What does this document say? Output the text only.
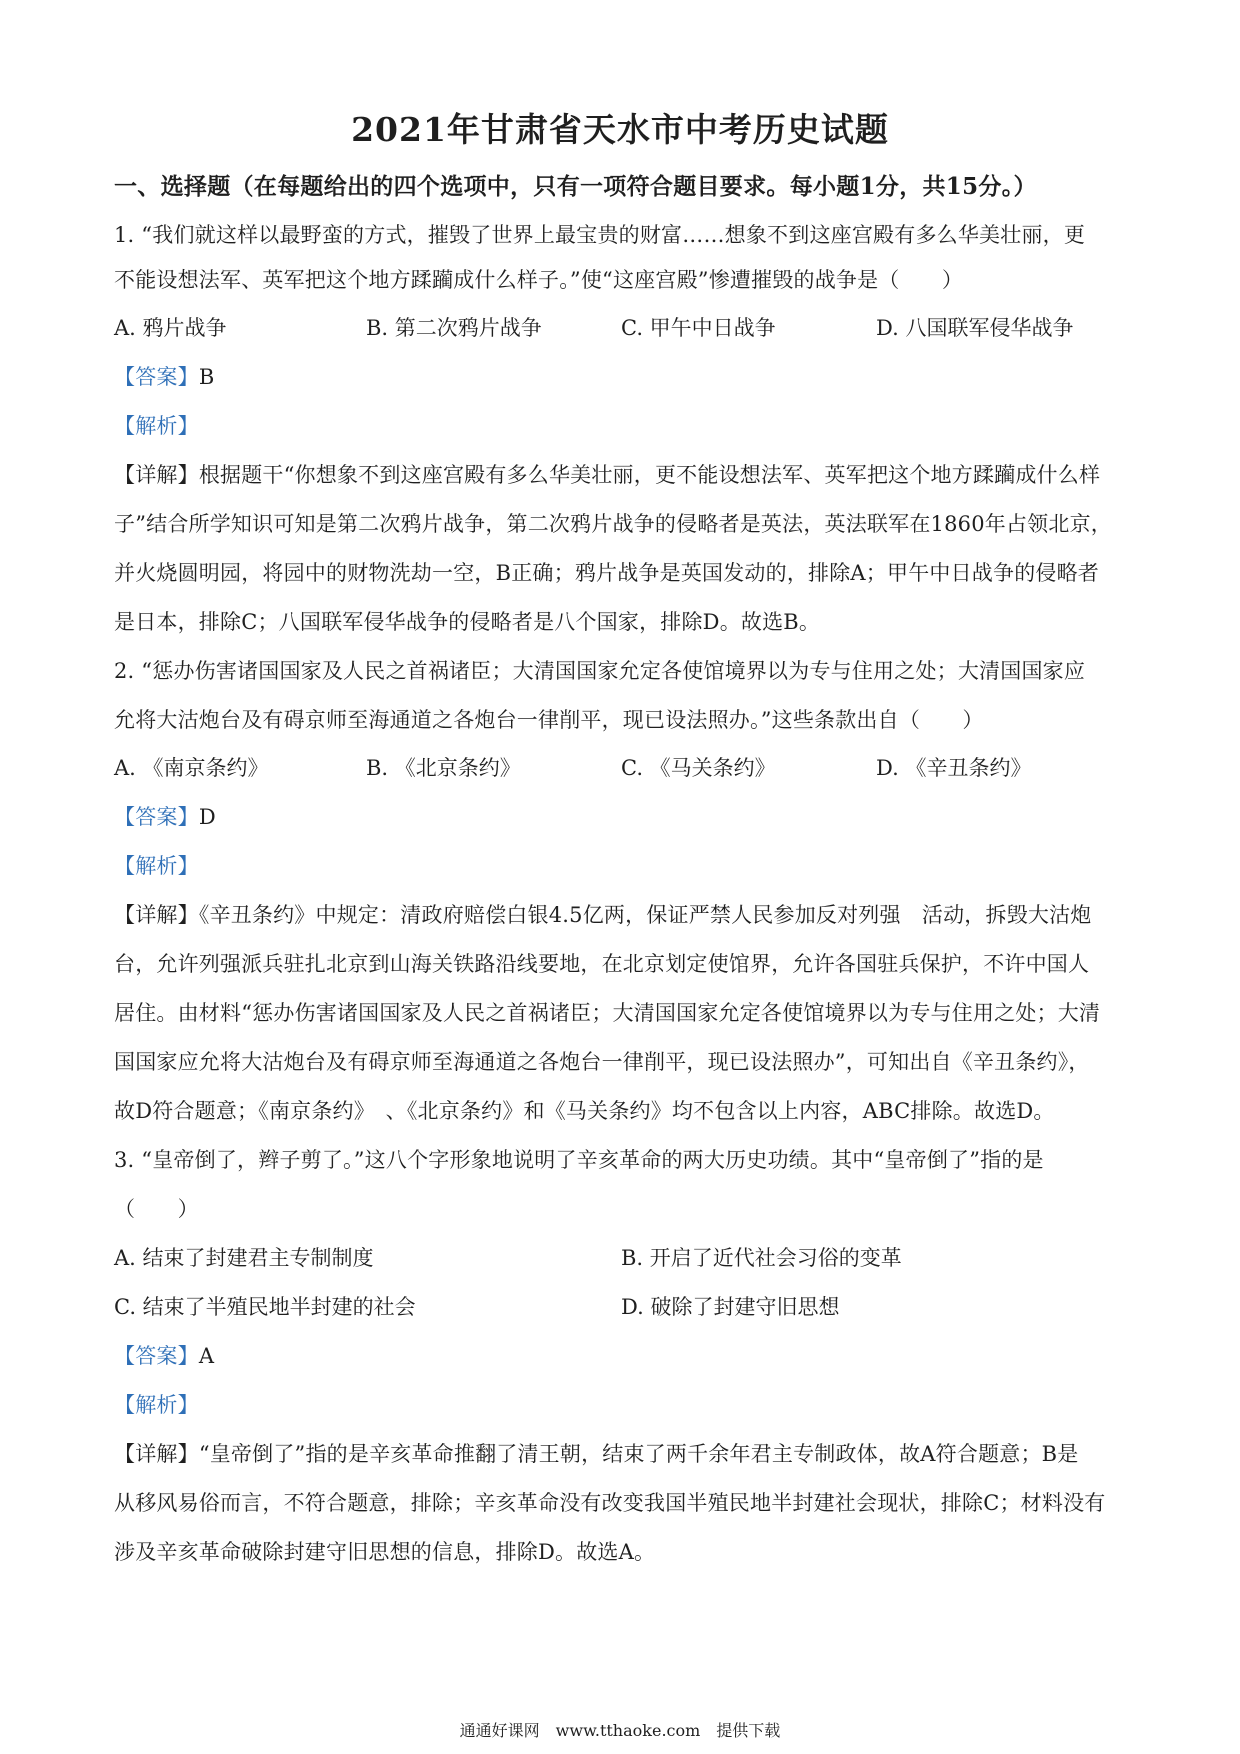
2021年甘肃省天水市中考历史试题
一、选择题（在每题给出的四个选项中，只有一项符合题目要求。每小题1分，共15分。）
1. “我们就这样以最野蛮的方式，摧毁了世界上最宝贵的财富……想象不到这座宫殿有多么华美壮丽，更
不能设想法军、英军把这个地方蹂躏成什么样子。”使“这座宫殿”惨遭摧毁的战争是（　　）
A. 鸦片战争	B. 第二次鸦片战争	C. 甲午中日战争	D. 八国联军侵华战争
【答案】B
【解析】
【详解】根据题干“你想象不到这座宫殿有多么华美壮丽，更不能设想法军、英军把这个地方蹂躏成什么样
子”结合所学知识可知是第二次鸦片战争，第二次鸦片战争的侵略者是英法，英法联军在1860年占领北京，
并火烧圆明园，将园中的财物洗劫一空，B正确；鸦片战争是英国发动的，排除A；甲午中日战争的侵略者
是日本，排除C；八国联军侵华战争的侵略者是八个国家，排除D。故选B。
2. “惩办伤害诸国国家及人民之首祸诸臣；大清国国家允定各使馆境界以为专与住用之处；大清国国家应
允将大沽炮台及有碍京师至海通道之各炮台一律削平，现已设法照办。”这些条款出自（　　）
A. 《南京条约》	B. 《北京条约》	C. 《马关条约》	D. 《辛丑条约》
【答案】D
【解析】
【详解】《辛丑条约》中规定：清政府赔偿白银4.5亿两，保证严禁人民参加反对列强　活动，拆毁大沽炮
台，允许列强派兵驻扎北京到山海关铁路沿线要地，在北京划定使馆界，允许各国驻兵保护，不许中国人
居住。由材料“惩办伤害诸国国家及人民之首祸诸臣；大清国国家允定各使馆境界以为专与住用之处；大清
国国家应允将大沽炮台及有碍京师至海通道之各炮台一律削平，现已设法照办”，可知出自《辛丑条约》，
故D符合题意；《南京条约》　、《北京条约》和《马关条约》均不包含以上内容，ABC排除。故选D。
3. “皇帝倒了，辫子剪了。”这八个字形象地说明了辛亥革命的两大历史功绩。其中“皇帝倒了”指的是
（　　）
A. 结束了封建君主专制制度	B. 开启了近代社会习俗的变革
C. 结束了半殖民地半封建的社会	D. 破除了封建守旧思想
【答案】A
【解析】
【详解】“皇帝倒了”指的是辛亥革命推翻了清王朝，结束了两千余年君主专制政体，故A符合题意；B是
从移风易俗而言，不符合题意，排除；辛亥革命没有改变我国半殖民地半封建社会现状，排除C；材料没有
涉及辛亥革命破除封建守旧思想的信息，排除D。故选A。
通通好课网　www.tthaoke.com　提供下载
